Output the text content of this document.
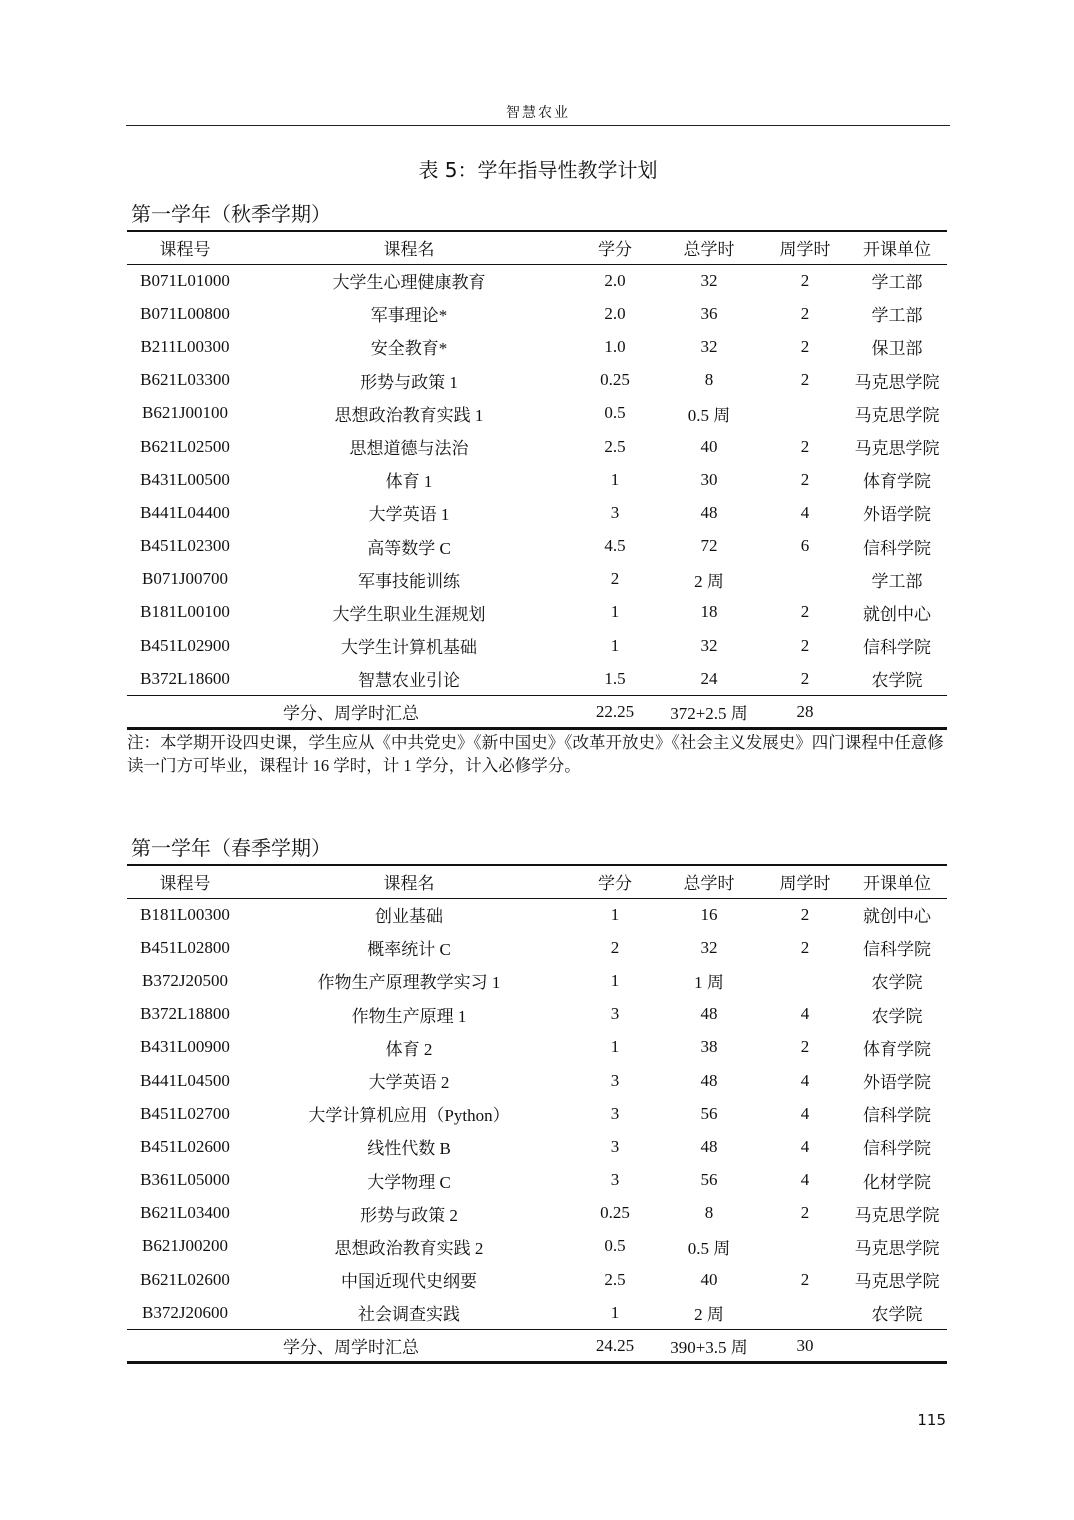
智慧农业
表 5：学年指导性教学计划
第一学年（秋季学期）
课程号	课程名	学分	总学时	周学时	开课单位
B071L01000	大学生心理健康教育	2.0	32	2	学工部
B071L00800	军事理论*	2.0	36	2	学工部
B211L00300	安全教育*	1.0	32	2	保卫部
B621L03300	形势与政策 1	0.25	8	2	马克思学院
B621J00100	思想政治教育实践 1	0.5	0.5 周		马克思学院
B621L02500	思想道德与法治	2.5	40	2	马克思学院
B431L00500	体育 1	1	30	2	体育学院
B441L04400	大学英语 1	3	48	4	外语学院
B451L02300	高等数学 C	4.5	72	6	信科学院
B071J00700	军事技能训练	2	2 周		学工部
B181L00100	大学生职业生涯规划	1	18	2	就创中心
B451L02900	大学生计算机基础	1	32	2	信科学院
B372L18600	智慧农业引论	1.5	24	2	农学院
学分、周学时汇总		22.25	372+2.5 周	28	
注：本学期开设四史课，学生应从《中共党史》《新中国史》《改革开放史》《社会主义发展史》四门课程中任意修读一门方可毕业，课程计 16 学时，计 1 学分，计入必修学分。
第一学年（春季学期）
课程号	课程名	学分	总学时	周学时	开课单位
B181L00300	创业基础	1	16	2	就创中心
B451L02800	概率统计 C	2	32	2	信科学院
B372J20500	作物生产原理教学实习 1	1	1 周		农学院
B372L18800	作物生产原理 1	3	48	4	农学院
B431L00900	体育 2	1	38	2	体育学院
B441L04500	大学英语 2	3	48	4	外语学院
B451L02700	大学计算机应用（Python）	3	56	4	信科学院
B451L02600	线性代数 B	3	48	4	信科学院
B361L05000	大学物理 C	3	56	4	化材学院
B621L03400	形势与政策 2	0.25	8	2	马克思学院
B621J00200	思想政治教育实践 2	0.5	0.5 周		马克思学院
B621L02600	中国近现代史纲要	2.5	40	2	马克思学院
B372J20600	社会调查实践	1	2 周		农学院
学分、周学时汇总		24.25	390+3.5 周	30	
115
